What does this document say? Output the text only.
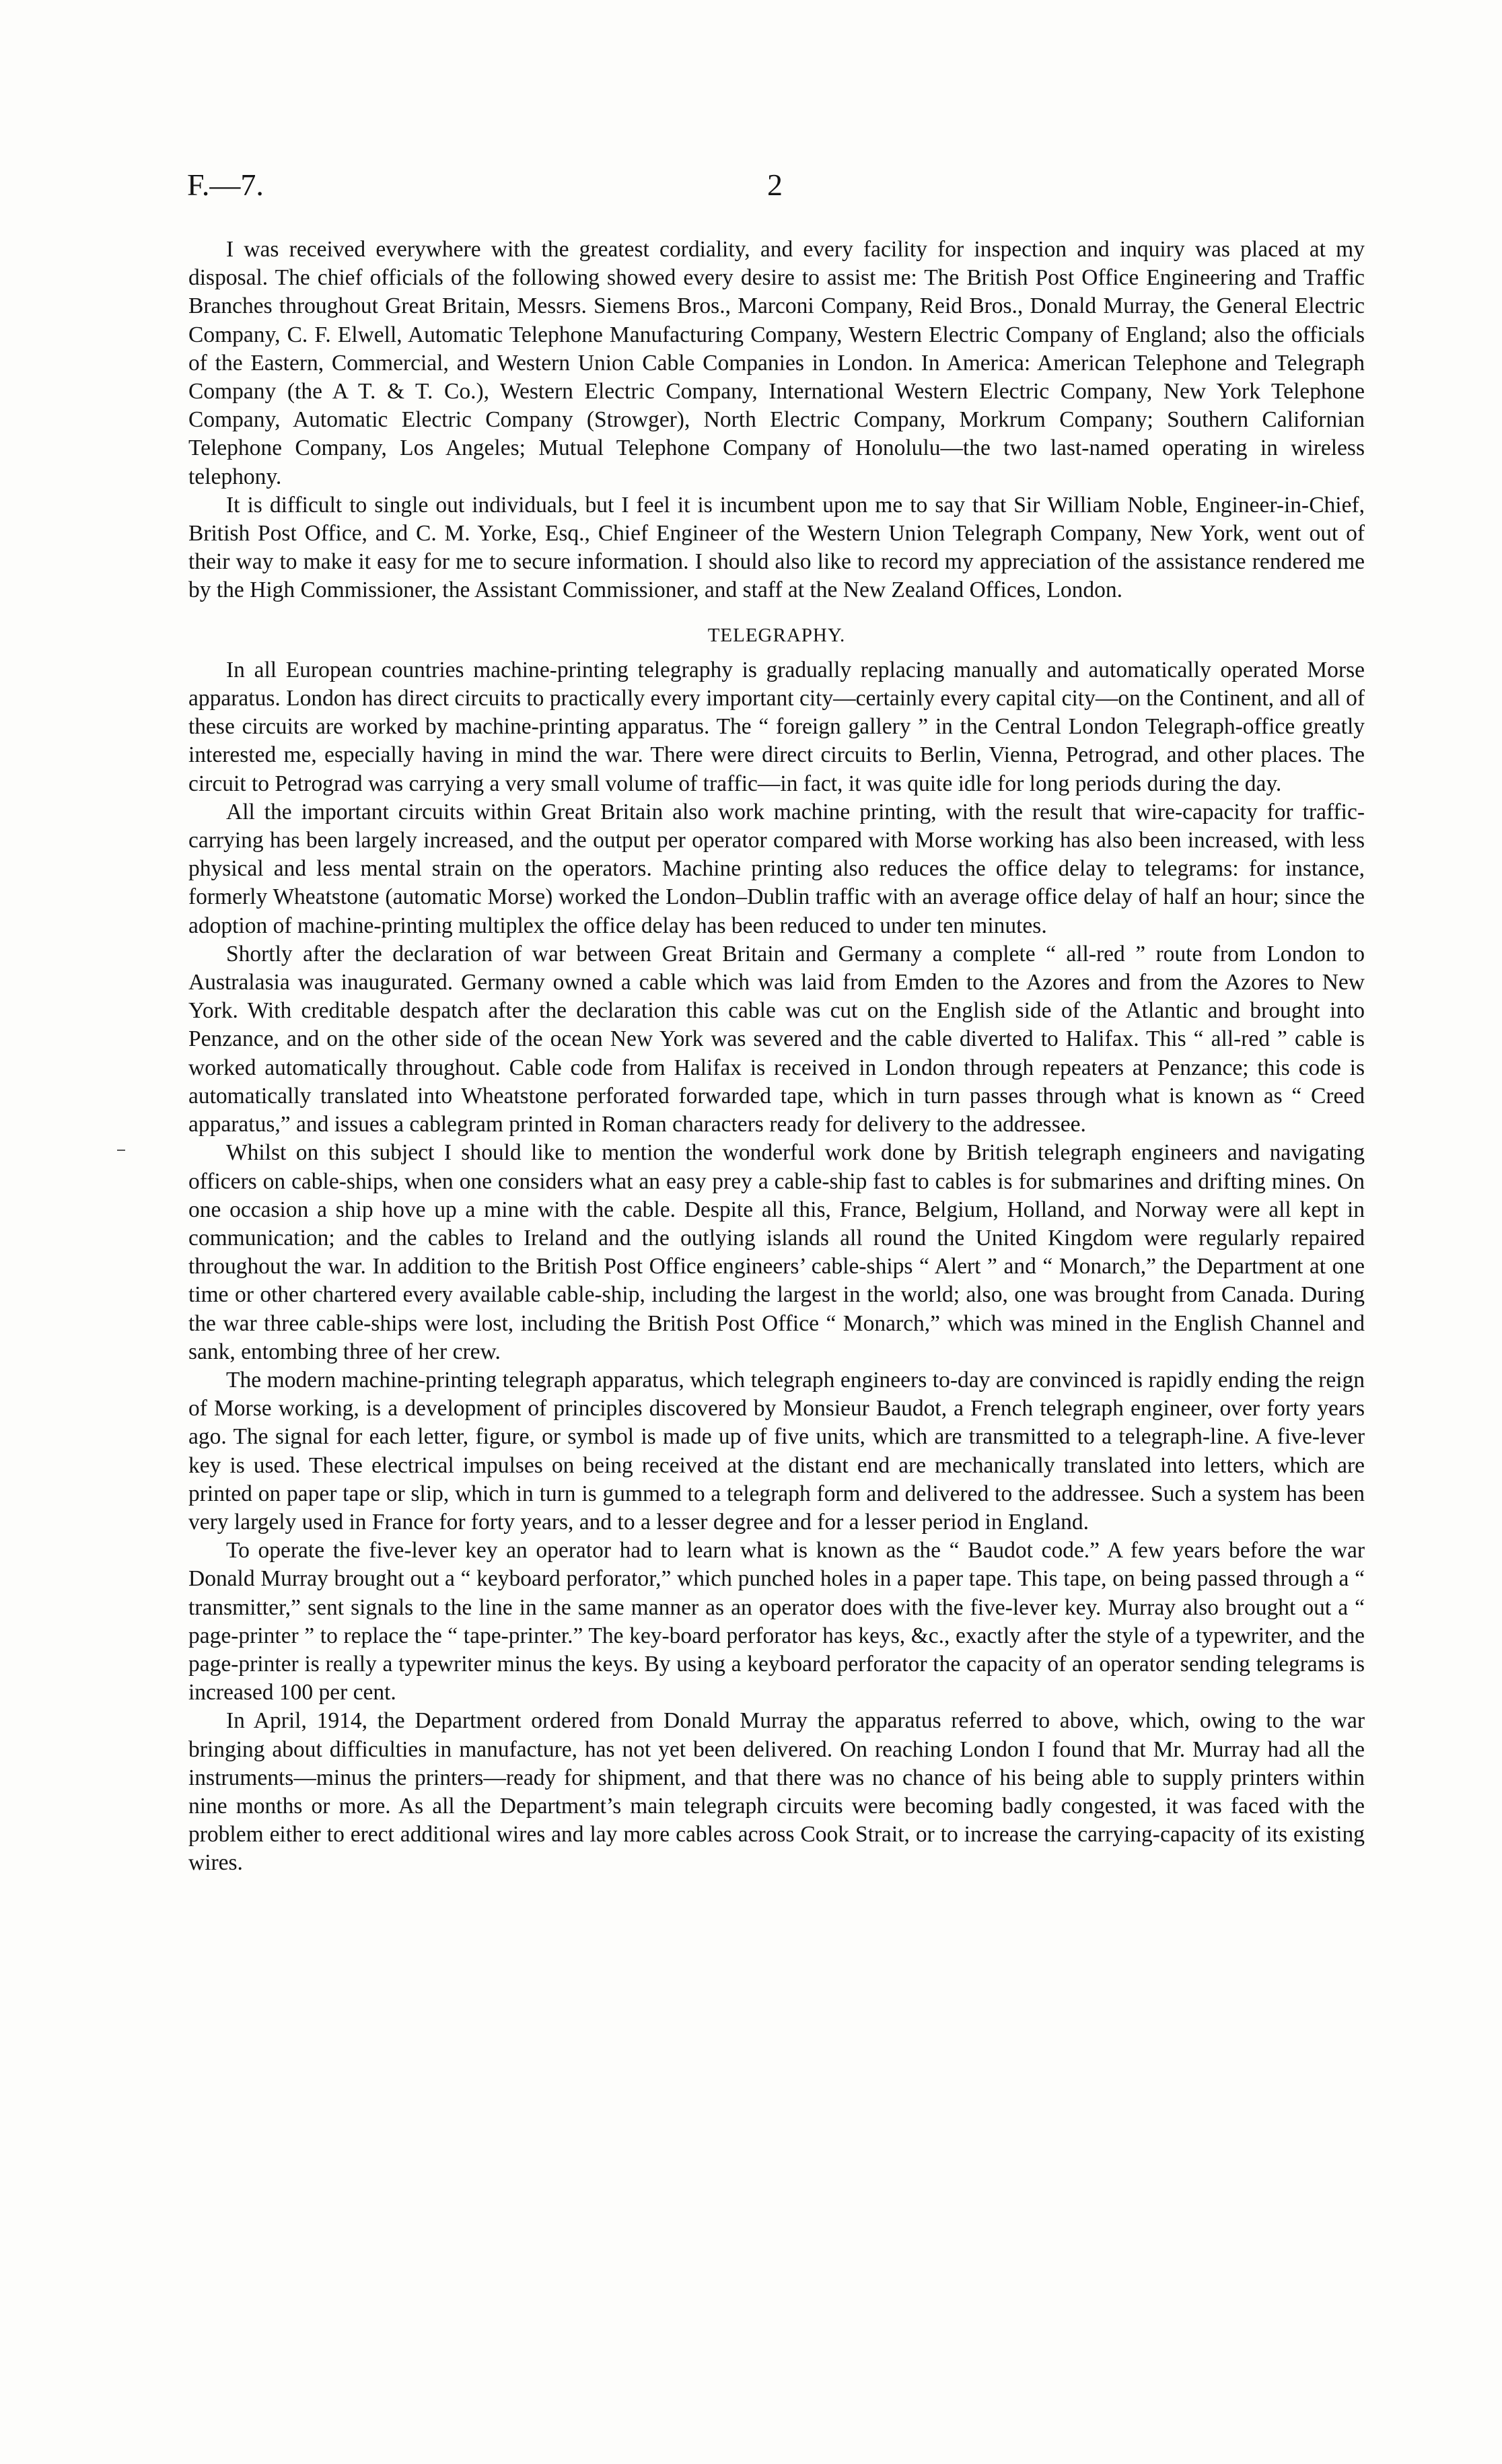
F.—7.	2

I was received everywhere with the greatest cordiality, and every facility for inspection and inquiry was placed at my disposal. The chief officials of the following showed every desire to assist me: The British Post Office Engineering and Traffic Branches throughout Great Britain, Messrs. Siemens Bros., Marconi Company, Reid Bros., Donald Murray, the General Electric Company, C. F. Elwell, Automatic Telephone Manufacturing Company, Western Electric Company of England; also the officials of the Eastern, Commercial, and Western Union Cable Companies in London. In America: American Telephone and Telegraph Company (the A T. & T. Co.), Western Electric Company, International Western Electric Company, New York Telephone Company, Automatic Electric Company (Strowger), North Electric Company, Morkrum Company; Southern Californian Telephone Company, Los Angeles; Mutual Telephone Company of Honolulu—the two last-named operating in wireless telephony.

It is difficult to single out individuals, but I feel it is incumbent upon me to say that Sir William Noble, Engineer-in-Chief, British Post Office, and C. M. Yorke, Esq., Chief Engineer of the Western Union Telegraph Company, New York, went out of their way to make it easy for me to secure information. I should also like to record my appreciation of the assistance rendered me by the High Commissioner, the Assistant Commissioner, and staff at the New Zealand Offices, London.

TELEGRAPHY.

In all European countries machine-printing telegraphy is gradually replacing manually and automatically operated Morse apparatus. London has direct circuits to practically every important city—certainly every capital city—on the Continent, and all of these circuits are worked by machine-printing apparatus. The “ foreign gallery ” in the Central London Telegraph-office greatly interested me, especially having in mind the war. There were direct circuits to Berlin, Vienna, Petrograd, and other places. The circuit to Petrograd was carrying a very small volume of traffic—in fact, it was quite idle for long periods during the day.

All the important circuits within Great Britain also work machine printing, with the result that wire-capacity for traffic-carrying has been largely increased, and the output per operator compared with Morse working has also been increased, with less physical and less mental strain on the operators. Machine printing also reduces the office delay to telegrams: for instance, formerly Wheatstone (automatic Morse) worked the London–Dublin traffic with an average office delay of half an hour; since the adoption of machine-printing multiplex the office delay has been reduced to under ten minutes.

Shortly after the declaration of war between Great Britain and Germany a complete “ all-red ” route from London to Australasia was inaugurated. Germany owned a cable which was laid from Emden to the Azores and from the Azores to New York. With creditable despatch after the declaration this cable was cut on the English side of the Atlantic and brought into Penzance, and on the other side of the ocean New York was severed and the cable diverted to Halifax. This “ all-red ” cable is worked automatically throughout. Cable code from Halifax is received in London through repeaters at Penzance; this code is automatically translated into Wheatstone perforated forwarded tape, which in turn passes through what is known as “ Creed apparatus,” and issues a cablegram printed in Roman characters ready for delivery to the addressee.

Whilst on this subject I should like to mention the wonderful work done by British telegraph engineers and navigating officers on cable-ships, when one considers what an easy prey a cable-ship fast to cables is for submarines and drifting mines. On one occasion a ship hove up a mine with the cable. Despite all this, France, Belgium, Holland, and Norway were all kept in communication; and the cables to Ireland and the outlying islands all round the United Kingdom were regularly repaired throughout the war. In addition to the British Post Office engineers’ cable-ships “ Alert ” and “ Monarch,” the Department at one time or other chartered every available cable-ship, including the largest in the world; also, one was brought from Canada. During the war three cable-ships were lost, including the British Post Office “ Monarch,” which was mined in the English Channel and sank, entombing three of her crew.

The modern machine-printing telegraph apparatus, which telegraph engineers to-day are convinced is rapidly ending the reign of Morse working, is a development of principles discovered by Monsieur Baudot, a French telegraph engineer, over forty years ago. The signal for each letter, figure, or symbol is made up of five units, which are transmitted to a telegraph-line. A five-lever key is used. These electrical impulses on being received at the distant end are mechanically translated into letters, which are printed on paper tape or slip, which in turn is gummed to a telegraph form and delivered to the addressee. Such a system has been very largely used in France for forty years, and to a lesser degree and for a lesser period in England.

To operate the five-lever key an operator had to learn what is known as the “ Baudot code.” A few years before the war Donald Murray brought out a “ keyboard perforator,” which punched holes in a paper tape. This tape, on being passed through a “ transmitter,” sent signals to the line in the same manner as an operator does with the five-lever key. Murray also brought out a “ page-printer ” to replace the “ tape-printer.” The key-board perforator has keys, &c., exactly after the style of a typewriter, and the page-printer is really a typewriter minus the keys. By using a keyboard perforator the capacity of an operator sending telegrams is increased 100 per cent.

In April, 1914, the Department ordered from Donald Murray the apparatus referred to above, which, owing to the war bringing about difficulties in manufacture, has not yet been delivered. On reaching London I found that Mr. Murray had all the instruments—minus the printers—ready for shipment, and that there was no chance of his being able to supply printers within nine months or more. As all the Department’s main telegraph circuits were becoming badly congested, it was faced with the problem either to erect additional wires and lay more cables across Cook Strait, or to increase the carrying-capacity of its existing wires.
